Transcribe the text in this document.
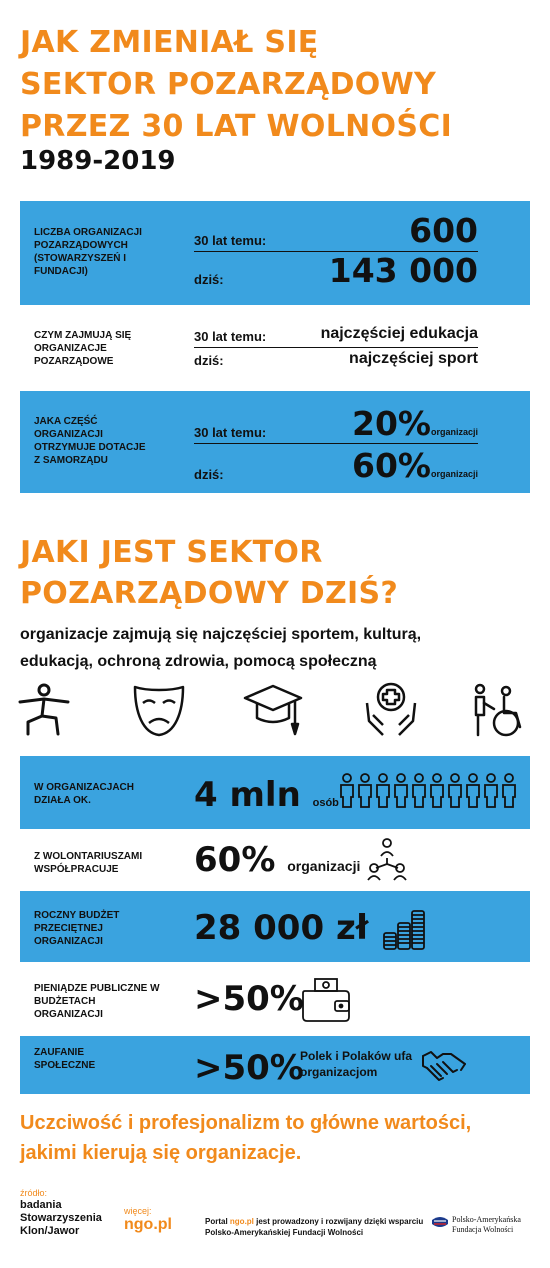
JAK ZMIENIAŁ SIĘ
SEKTOR POZARZĄDOWY
PRZEZ 30 LAT WOLNOŚCI
1989-2019
LICZBA ORGANIZACJI POZARZĄDOWYCH (STOWARZYSZEŃ I FUNDACJI)
30 lat temu:	600
dziś:	143 000
CZYM ZAJMUJĄ SIĘ ORGANIZACJE POZARZĄDOWE
30 lat temu:	najczęściej edukacja
dziś:	najczęściej sport
JAKA CZĘŚĆ ORGANIZACJI OTRZYMUJE DOTACJE Z SAMORZĄDU
30 lat temu:	20%organizacji
dziś:	60%organizacji
JAKI JEST SEKTOR
POZARZĄDOWY DZIŚ?
organizacje zajmują się najczęściej sportem, kulturą,
edukacją, ochroną zdrowia, pomocą społeczną
W ORGANIZACJACH DZIAŁA OK.	4 mln osób
Z WOLONTARIUSZAMI WSPÓŁPRACUJE	60% organizacji
ROCZNY BUDŻET PRZECIĘTNEJ ORGANIZACJI	28 000 zł
PIENIĄDZE PUBLICZNE W BUDŻETACH ORGANIZACJI	>50%
ZAUFANIE SPOŁECZNE	>50%
Polek i Polaków ufa organizacjom
Uczciwość i profesjonalizm to główne wartości,
jakimi kierują się organizacje.
źródło:
badania
Stowarzyszenia
Klon/Jawor
więcej:
ngo.pl	Portal ngo.pl jest prowadzony i rozwijany dzięki wsparciu
Polsko-Amerykańskiej Fundacji Wolności
Polsko-Amerykańska
Fundacja Wolności
